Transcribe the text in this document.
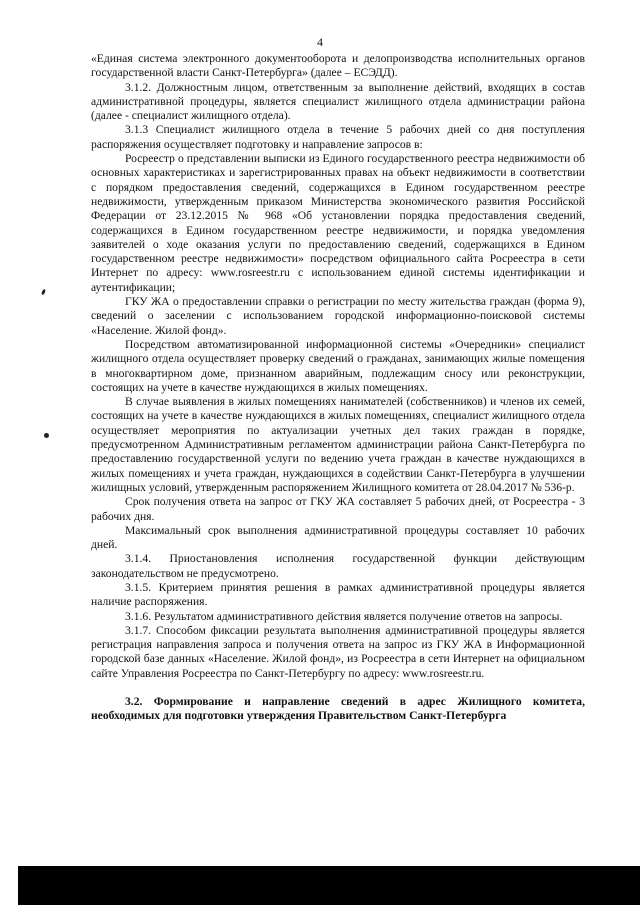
4

«Единая система электронного документооборота и делопроизводства исполнительных органов государственной власти Санкт-Петербурга» (далее – ЕСЭДД).

3.1.2. Должностным лицом, ответственным за выполнение действий, входящих в состав административной процедуры, является специалист жилищного отдела администрации района (далее - специалист жилищного отдела).

3.1.3 Специалист жилищного отдела в течение 5 рабочих дней со дня поступления распоряжения осуществляет подготовку и направление запросов в:

Росреестр о представлении выписки из Единого государственного реестра недвижимости об основных характеристиках и зарегистрированных правах на объект недвижимости в соответствии с порядком предоставления сведений, содержащихся в Едином государственном реестре недвижимости, утвержденным приказом Министерства экономического развития Российской Федерации от 23.12.2015 № 968 «Об установлении порядка предоставления сведений, содержащихся в Едином государственном реестре недвижимости, и порядка уведомления заявителей о ходе оказания услуги по предоставлению сведений, содержащихся в Едином государственном реестре недвижимости» посредством официального сайта Росреестра в сети Интернет по адресу: www.rosreestr.ru с использованием единой системы идентификации и аутентификации;

ГКУ ЖА о предоставлении справки о регистрации по месту жительства граждан (форма 9), сведений о заселении с использованием городской информационно-поисковой системы «Население. Жилой фонд».

Посредством автоматизированной информационной системы «Очередники» специалист жилищного отдела осуществляет проверку сведений о гражданах, занимающих жилые помещения в многоквартирном доме, признанном аварийным, подлежащим сносу или реконструкции, состоящих на учете в качестве нуждающихся в жилых помещениях.

В случае выявления в жилых помещениях нанимателей (собственников) и членов их семей, состоящих на учете в качестве нуждающихся в жилых помещениях, специалист жилищного отдела осуществляет мероприятия по актуализации учетных дел таких граждан в порядке, предусмотренном Административным регламентом администрации района Санкт-Петербурга по предоставлению государственной услуги по ведению учета граждан в качестве нуждающихся в жилых помещениях и учета граждан, нуждающихся в содействии Санкт-Петербурга в улучшении жилищных условий, утвержденным распоряжением Жилищного комитета от 28.04.2017 № 536-р.

Срок получения ответа на запрос от ГКУ ЖА составляет 5 рабочих дней, от Росреестра - 3 рабочих дня.

Максимальный срок выполнения административной процедуры составляет 10 рабочих дней.

3.1.4. Приостановления исполнения государственной функции действующим законодательством не предусмотрено.

3.1.5. Критерием принятия решения в рамках административной процедуры является наличие распоряжения.

3.1.6. Результатом административного действия является получение ответов на запросы.

3.1.7. Способом фиксации результата выполнения административной процедуры является регистрация направления запроса и получения ответа на запрос из ГКУ ЖА в Информационной городской базе данных «Население. Жилой фонд», из Росреестра в сети Интернет на официальном сайте Управления Росреестра по Санкт-Петербургу по адресу: www.rosreestr.ru.

3.2. Формирование и направление сведений в адрес Жилищного комитета, необходимых для подготовки утверждения Правительством Санкт-Петербурга
